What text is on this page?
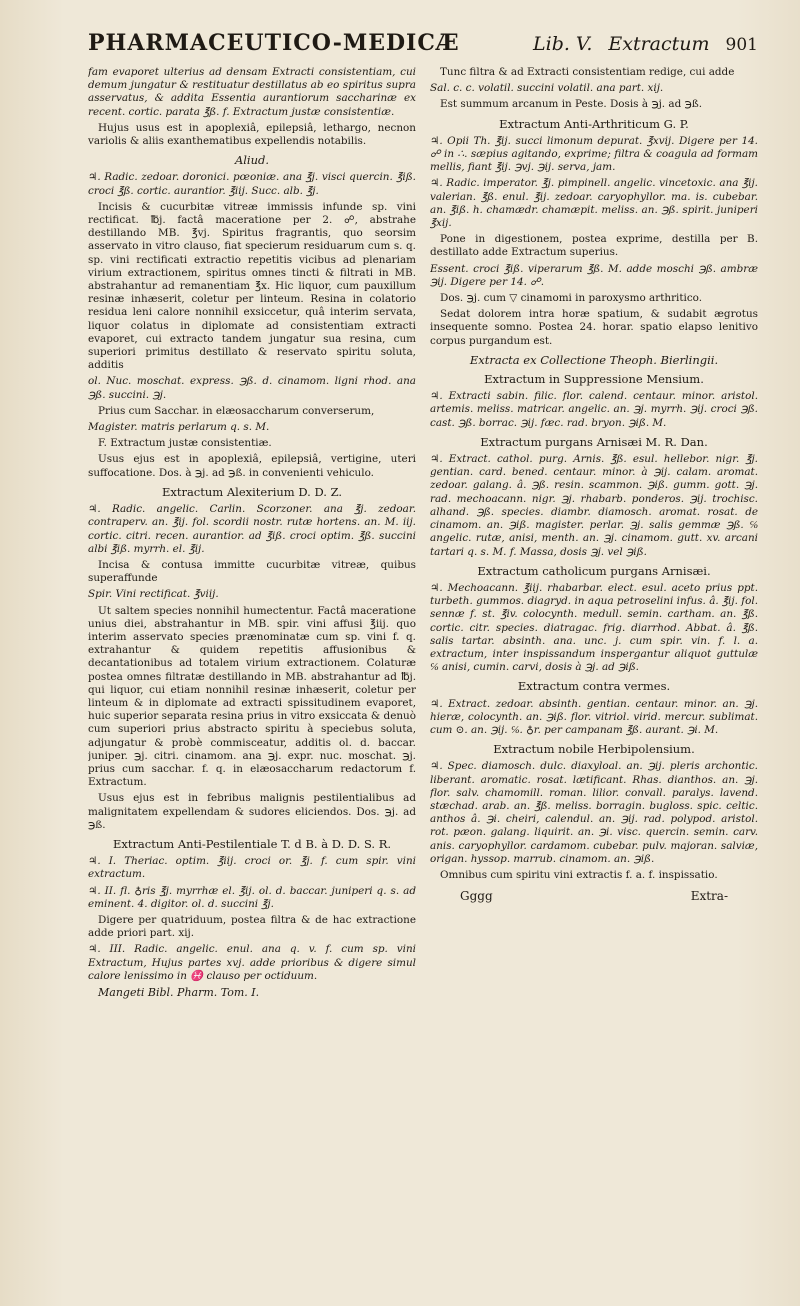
PHARMACEUTICO-MEDICÆ	Lib. V. Extractum 901

fam evaporet ulterius ad densam Extracti consistentiam, cui demum jungatur & restituatur destillatus ab eo spiritus supra asservatus, & addita Essentia aurantiorum saccharinæ ex recent. cortic. parata ℥ß. f. Extractum justæ consistentiæ.

Hujus usus est in apoplexiâ, epilepsiâ, lethargo, necnon variolis & aliis exanthematibus expellendis notabilis.

Aliud.

♃. Radic. zedoar. doronici. pœoniæ. ana ℥j. visci quercin. ℥iß. croci ℥ß. cortic. aurantior. ℥iij. Succ. alb. ℥j.

Incisis & cucurbitæ vitreæ immissis infunde sp. vini rectificat. ℔j. factâ maceratione per 2. ☍, abstrahe destillando MB. ℥vj. Spiritus fragrantis, quo seorsim asservato in vitro clauso, fiat specierum residuarum cum s. q. sp. vini rectificati extractio repetitis vicibus ad plenariam virium extractionem, spiritus omnes tincti & filtrati in MB. abstrahantur ad remanentiam ℥x. Hic liquor, cum pauxillum resinæ inhæserit, coletur per linteum. Resina in colatorio residua leni calore nonnihil exsiccetur, quâ interim servata, liquor colatus in diplomate ad consistentiam extracti evaporet, cui extracto tandem jungatur sua resina, cum superiori primitus destillato & reservato spiritu soluta, additis

ol. Nuc. moschat. express. ℈ß. d. cinamom. ligni rhod. ana ℈ß. succini. ℈j.

Prius cum Sacchar. in elæosaccharum converserum,

Magister. matris perlarum q. s. M.

F. Extractum justæ consistentiæ.

Usus ejus est in apoplexiâ, epilepsiâ, vertigine, uteri suffocatione. Dos. à ℈j. ad ℈ß. in convenienti vehiculo.

Extractum Alexiterium D. D. Z.

♃. Radic. angelic. Carlin. Scorzoner. ana ℥j. zedoar. contraperv. an. ℥ij. fol. scordii nostr. rutæ hortens. an. M. iij. cortic. citri. recen. aurantior. ad ℥iß. croci optim. ℥ß. succini albi ℥iß. myrrh. el. ℥ij.

Incisa & contusa immitte cucurbitæ vitreæ, quibus superaffunde

Spir. Vini rectificat. ℥viij.

Ut saltem species nonnihil humectentur. Factâ maceratione unius diei, abstrahantur in MB. spir. vini affusi ℥iij. quo interim asservato species prænominatæ cum sp. vini f. q. extrahantur & quidem repetitis affusionibus & decantationibus ad totalem virium extractionem. Colaturæ postea omnes filtratæ destillando in MB. abstrahantur ad ℔j. qui liquor, cui etiam nonnihil resinæ inhæserit, coletur per linteum & in diplomate ad extracti spissitudinem evaporet, huic superior separata resina prius in vitro exsiccata & denuò cum superiori prius abstracto spiritu à speciebus soluta, adjungatur & probè commisceatur, additis ol. d. baccar. juniper. ℈j. citri. cinamom. ana ℈j. expr. nuc. moschat. ℈j. prius cum sacchar. f. q. in elæosaccharum redactorum f. Extractum.

Usus ejus est in febribus malignis pestilentialibus ad malignitatem expellendam & sudores eliciendos. Dos. ℈j. ad ℈ß.

Extractum Anti-Pestilentiale T. d B. à D. D. S. R.

♃. I. Theriac. optim. ℥iij. croci or. ℥j. f. cum spir. vini extractum.

♃. II. fl. ♁ris ℥j. myrrhæ el. ℥ij. ol. d. baccar. juniperi q. s. ad eminent. 4. digitor. ol. d. succini ℥j.

Digere per quatriduum, postea filtra & de hac extractione adde priori part. xij.

♃. III. Radic. angelic. enul. ana q. v. f. cum sp. vini Extractum, Hujus partes xvj. adde prioribus & digere simul calore lenissimo in ♓ clauso per octiduum.

Mangeti Bibl. Pharm. Tom. I.

Tunc filtra & ad Extracti consistentiam redige, cui adde

Sal. c. c. volatil. succini volatil. ana part. xij.

Est summum arcanum in Peste. Dosis à ℈j. ad ℈ß.

Extractum Anti-Arthriticum G. P.

♃. Opii Th. ℥ij. succi limonum depurat. ℥xvij. Digere per 14. ☍ in ∴. sæpius agitando, exprime; filtra & coagula ad formam mellis, fiant ℥ij. ℈vj. ℈ij. serva, jam.

♃. Radic. imperator. ℥j. pimpinell. angelic. vincetoxic. ana ℥ij. valerian. ℥ß. enul. ℥ij. zedoar. caryophyllor. ma. is. cubebar. an. ℥iß. h. chamædr. chamæpit. meliss. an. ℈ß. spirit. juniperi ℥xij.

Pone in digestionem, postea exprime, destilla per B. destillato adde Extractum superius.

Essent. croci ℥iß. viperarum ℥ß. M. adde moschi ℈ß. ambræ ℈ij. Digere per 14. ☍.

Dos. ℈j. cum ▽ cinamomi in paroxysmo arthritico.

Sedat dolorem intra horæ spatium, & sudabit ægrotus insequente somno. Postea 24. horar. spatio elapso lenitivo corpus purgandum est.

Extracta ex Collectione Theoph. Bierlingii.
Extractum in Suppressione Mensium.

♃. Extracti sabin. filic. flor. calend. centaur. minor. aristol. artemis. meliss. matricar. angelic. an. ℈j. myrrh. ℈ij. croci ℈ß. cast. ℈ß. borrac. ℈ij. fæc. rad. bryon. ℈iß. M.

Extractum purgans Arnisæi M. R. Dan.

♃. Extract. cathol. purg. Arnis. ℥ß. esul. hellebor. nigr. ℥j. gentian. card. bened. centaur. minor. à ℈ij. calam. aromat. zedoar. galang. â. ℈ß. resin. scammon. ℈iß. gumm. gott. ℈j. rad. mechoacann. nigr. ℈j. rhabarb. ponderos. ℈ij. trochisc. alhand. ℈ß. species. diambr. diamosch. aromat. rosat. de cinamom. an. ℈iß. magister. perlar. ℈j. salis gemmæ ℈ß. ℅ angelic. rutæ, anisi, menth. an. ℈j. cinamom. gutt. xv. arcani tartari q. s. M. f. Massa, dosis ℈j. vel ℈iß.

Extractum catholicum purgans Arnisæi.

♃. Mechoacann. ℥iij. rhabarbar. elect. esul. aceto prius ppt. turbeth. gummos. diagryd. in aqua petroselini infus. â. ℥ij. fol. sennæ f. st. ℥iv. colocynth. medull. semin. cartham. an. ℥ß. cortic. citr. species. diatragac. frig. diarrhod. Abbat. â. ℥ß. salis tartar. absinth. ana. unc. j. cum spir. vin. f. l. a. extractum, inter inspissandum inspergantur aliquot guttulæ ℅ anisi, cumin. carvi, dosis à ℈j. ad ℈iß.

Extractum contra vermes.

♃. Extract. zedoar. absinth. gentian. centaur. minor. an. ℈j. hieræ, colocynth. an. ℈iß. flor. vitriol. virid. mercur. sublimat. cum ⊙. an. ℈ij. ℅. ♁r. per campanam ℥ß. aurant. ℈i. M.

Extractum nobile Herbipolensium.

♃. Spec. diamosch. dulc. diaxyloal. an. ℈ij. pleris archontic. liberant. aromatic. rosat. lætificant. Rhas. dianthos. an. ℈j. flor. salv. chamomill. roman. lilior. convall. paralys. lavend. stæchad. arab. an. ℥ß. meliss. borragin. bugloss. spic. celtic. anthos â. ℈i. cheiri, calendul. an. ℈ij. rad. polypod. aristol. rot. pæon. galang. liquirit. an. ℈i. visc. quercin. semin. carv. anis. caryophyllor. cardamom. cubebar. pulv. majoran. salviæ, origan. hyssop. marrub. cinamom. an. ℈iß.

Omnibus cum spiritu vini extractis f. a. f. inspissatio.

Gggg	Extra-
